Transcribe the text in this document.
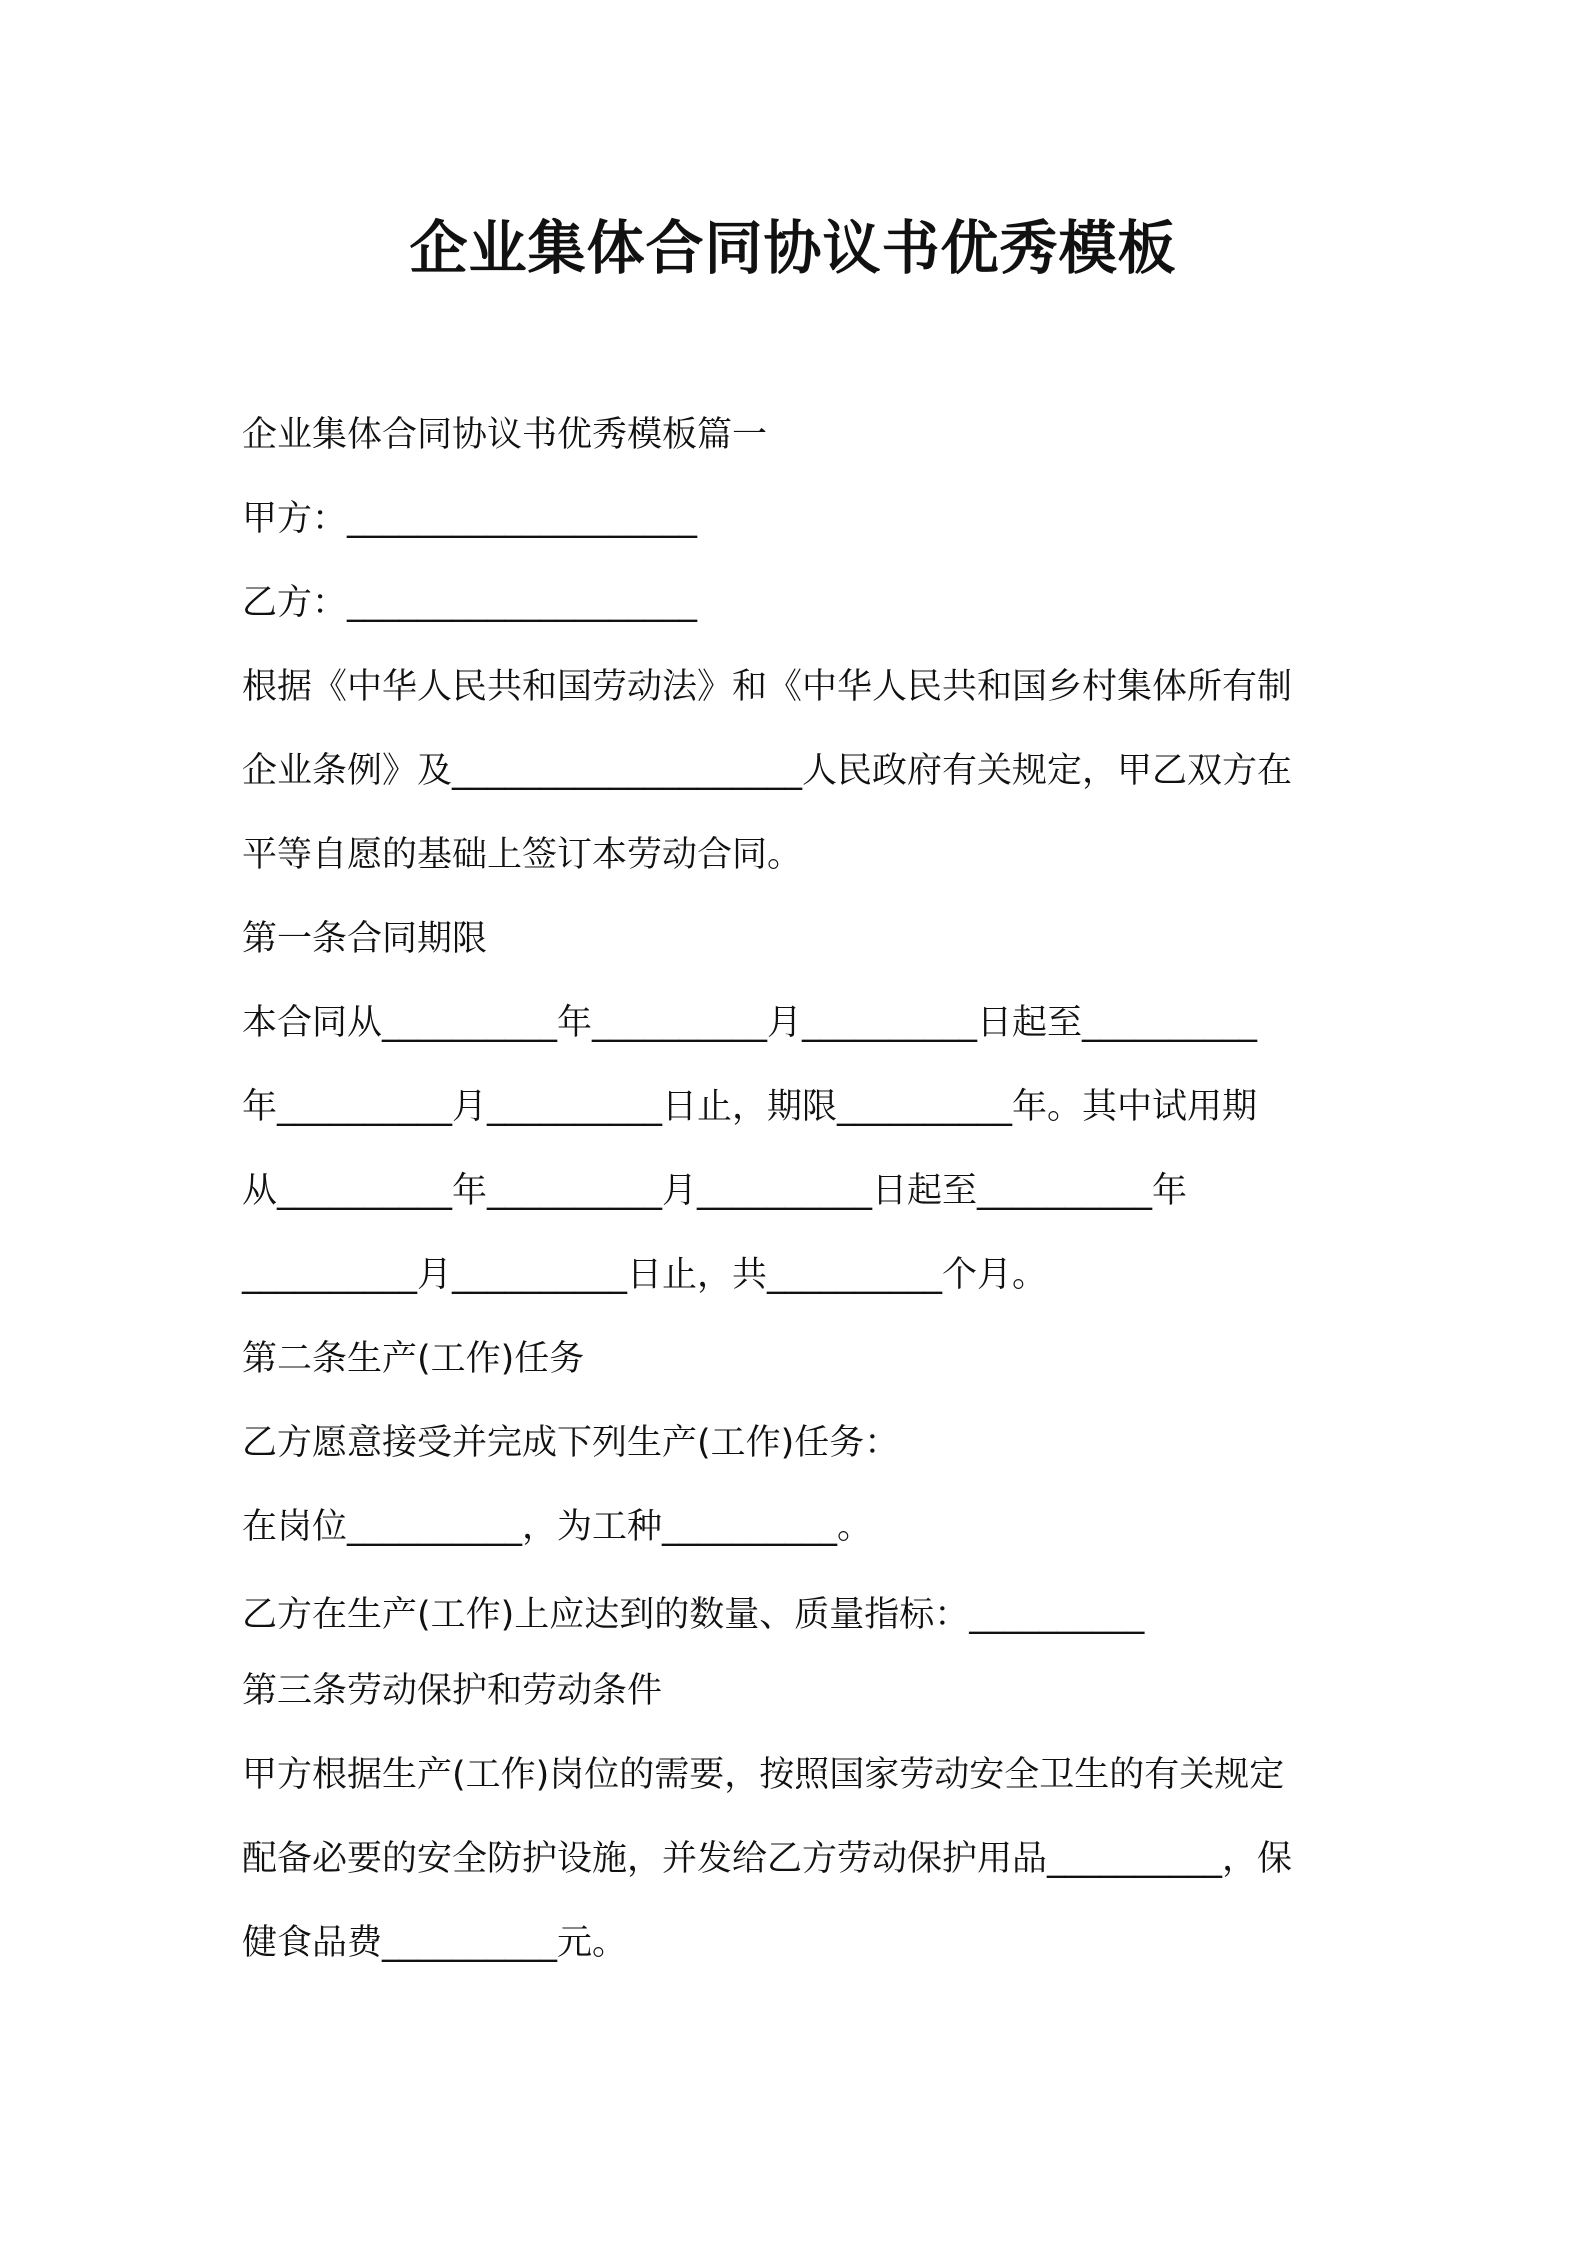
企业集体合同协议书优秀模板
企业集体合同协议书优秀模板篇一
甲方：____________________
乙方：____________________
根据《中华人民共和国劳动法》和《中华人民共和国乡村集体所有制
企业条例》及____________________人民政府有关规定，甲乙双方在
平等自愿的基础上签订本劳动合同。
第一条合同期限
本合同从__________年__________月__________日起至__________
年__________月__________日止，期限__________年。其中试用期
从__________年__________月__________日起至__________年
__________月__________日止，共__________个月。
第二条生产(工作)任务
乙方愿意接受并完成下列生产(工作)任务：
在岗位__________，为工种__________。
乙方在生产(工作)上应达到的数量、质量指标：__________
第三条劳动保护和劳动条件
甲方根据生产(工作)岗位的需要，按照国家劳动安全卫生的有关规定
配备必要的安全防护设施，并发给乙方劳动保护用品__________，保
健食品费__________元。
